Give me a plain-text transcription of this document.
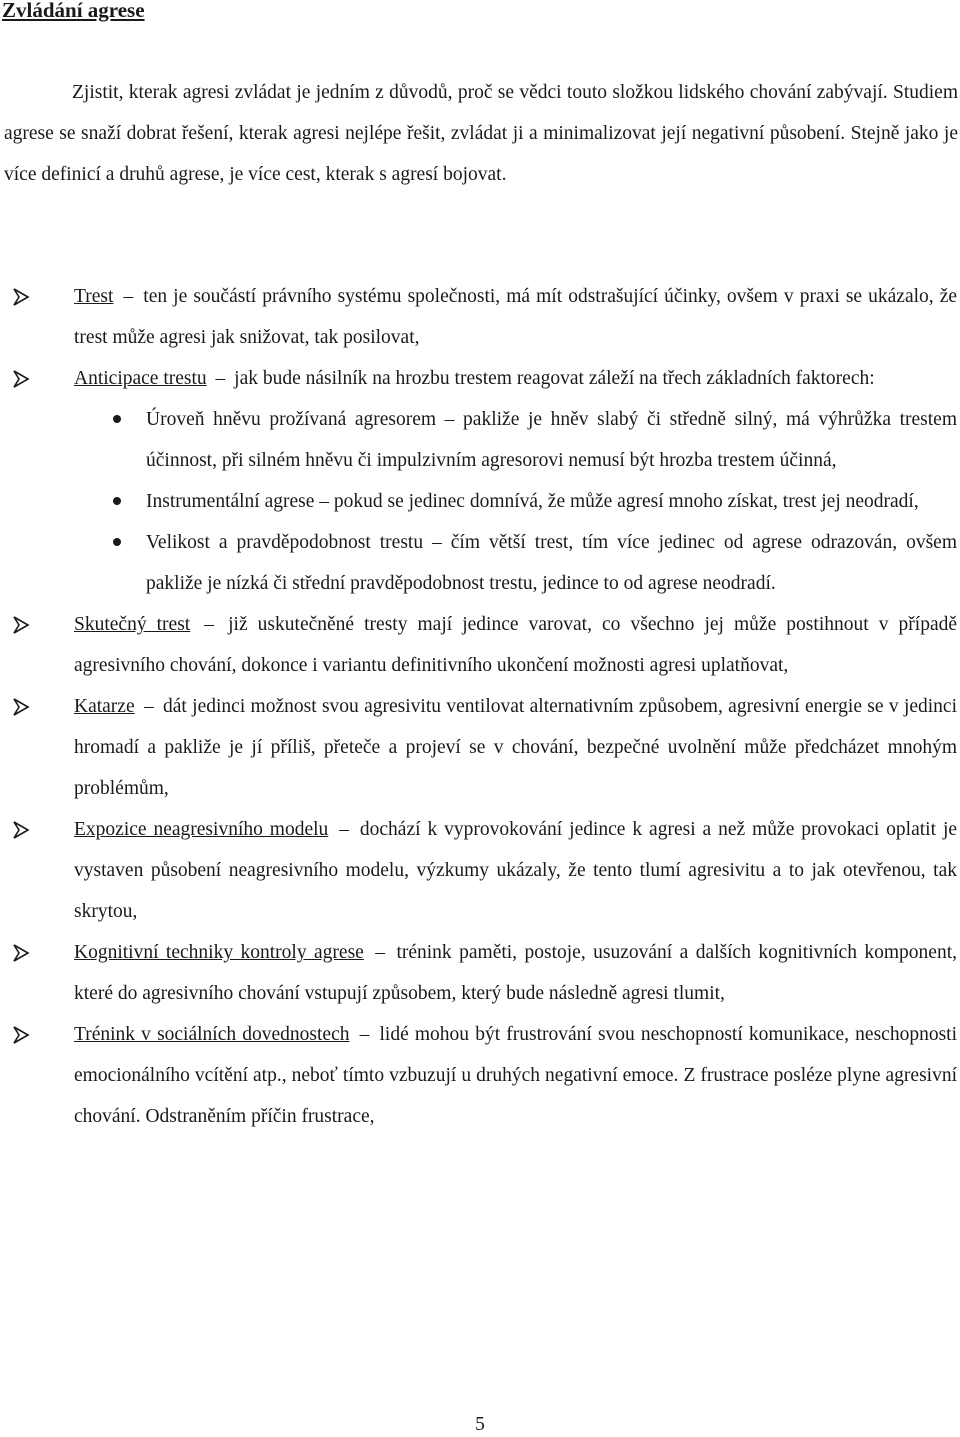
Zvládání agrese
Zjistit, kterak agresi zvládat je jedním z důvodů, proč se vědci touto složkou lidského chování zabývají. Studiem agrese se snaží dobrat řešení, kterak agresi nejlépe řešit, zvládat ji a minimalizovat její negativní působení. Stejně jako je více definicí a druhů agrese, je více cest, kterak s agresí bojovat.
Trest – ten je součástí právního systému společnosti, má mít odstrašující účinky, ovšem v praxi se ukázalo, že trest může agresi jak snižovat, tak posilovat,
Anticipace trestu – jak bude násilník na hrozbu trestem reagovat záleží na třech základních faktorech:
Úroveň hněvu prožívaná agresorem – pakliže je hněv slabý či středně silný, má výhrůžka trestem účinnost, při silném hněvu či impulzivním agresorovi nemusí být hrozba trestem účinná,
Instrumentální agrese – pokud se jedinec domnívá, že může agresí mnoho získat, trest jej neodradí,
Velikost a pravděpodobnost trestu – čím větší trest, tím více jedinec od agrese odrazován, ovšem pakliže je nízká či střední pravděpodobnost trestu, jedince to od agrese neodradí.
Skutečný trest – již uskutečněné tresty mají jedince varovat, co všechno jej může postihnout v případě agresivního chování, dokonce i variantu definitivního ukončení možnosti agresi uplatňovat,
Katarze – dát jedinci možnost svou agresivitu ventilovat alternativním způsobem, agresivní energie se v jedinci hromadí a pakliže je jí příliš, přeteče a projeví se v chování, bezpečné uvolnění může předcházet mnohým problémům,
Expozice neagresivního modelu – dochází k vyprovokování jedince k agresi a než může provokaci oplatit je vystaven působení neagresivního modelu, výzkumy ukázaly, že tento tlumí agresivitu a to jak otevřenou, tak skrytou,
Kognitivní techniky kontroly agrese – trénink paměti, postoje, usuzování a dalších kognitivních komponent, které do agresivního chování vstupují způsobem, který bude následně agresi tlumit,
Trénink v sociálních dovednostech – lidé mohou být frustrování svou neschopností komunikace, neschopnosti emocionálního vcítění atp., neboť tímto vzbuzují u druhých negativní emoce. Z frustrace posléze plyne agresivní chování. Odstraněním příčin frustrace,
5
